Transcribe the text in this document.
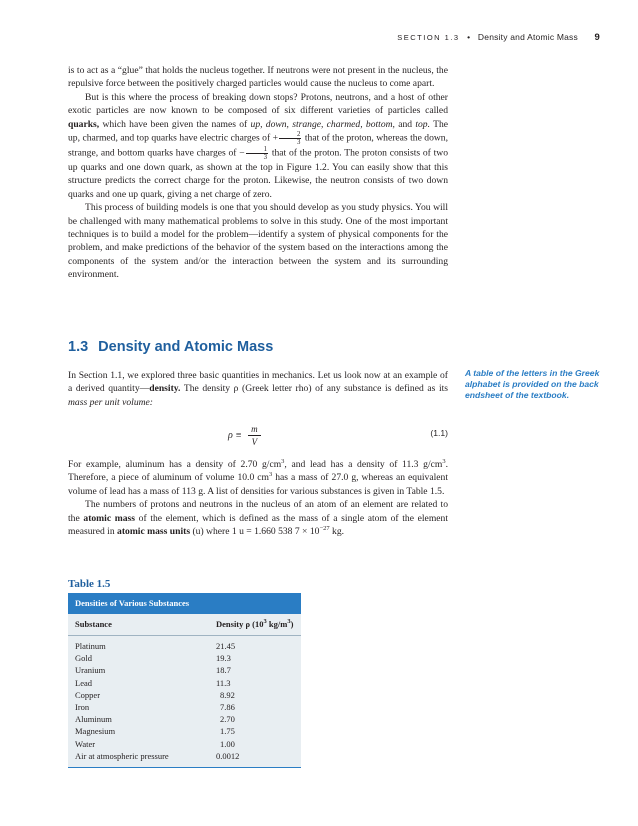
SECTION 1.3 • Density and Atomic Mass 9

is to act as a “glue” that holds the nucleus together. If neutrons were not present in the nucleus, the repulsive force between the positively charged particles would cause the nucleus to come apart.

But is this where the process of breaking down stops? Protons, neutrons, and a host of other exotic particles are now known to be composed of six different varieties of particles called quarks, which have been given the names of up, down, strange, charmed, bottom, and top. The up, charmed, and top quarks have electric charges of + $\frac{2}{3}$ that of the proton, whereas the down, strange, and bottom quarks have charges of − $\frac{1}{3}$ that of the proton. The proton consists of two up quarks and one down quark, as shown at the top in Figure 1.2. You can easily show that this structure predicts the correct charge for the proton. Likewise, the neutron consists of two down quarks and one up quark, giving a net charge of zero.

This process of building models is one that you should develop as you study physics. You will be challenged with many mathematical problems to solve in this study. One of the most important techniques is to build a model for the problem—identify a system of physical components for the problem, and make predictions of the behavior of the system based on the interactions among the components of the system and/or the interaction between the system and its surrounding environment.

1.3 Density and Atomic Mass
A table of the letters in the Greek alphabet is provided on the back endsheet of the textbook.

In Section 1.1, we explored three basic quantities in mechanics. Let us look now at an example of a derived quantity—density. The density ρ (Greek letter rho) of any substance is defined as its mass per unit volume:

$\rho \equiv \frac{m}{V}$	(1.1)

For example, aluminum has a density of 2.70 $g/cm^3$, and lead has a density of 11.3 $g/cm^3$. Therefore, a piece of aluminum of volume 10.0 $cm^3$ has a mass of 27.0 g, whereas an equivalent volume of lead has a mass of 113 g. A list of densities for various substances is given in Table 1.5.

The numbers of protons and neutrons in the nucleus of an atom of an element are related to the atomic mass of the element, which is defined as the mass of a single atom of the element measured in atomic mass units (u) where 1 u = 1.660 538 $7 \times 10^{-27}$ kg.

Table 1.5
Densities of Various Substances
Substance	Density ρ ($10^3$ $kg/m^3$)
Platinum	21.45
Gold	19.3
Uranium	18.7
Lead	11.3
Copper	8.92
Iron	7.86
Aluminum	2.70
Magnesium	1.75
Water	1.00
Air at atmospheric pressure	0.0012
